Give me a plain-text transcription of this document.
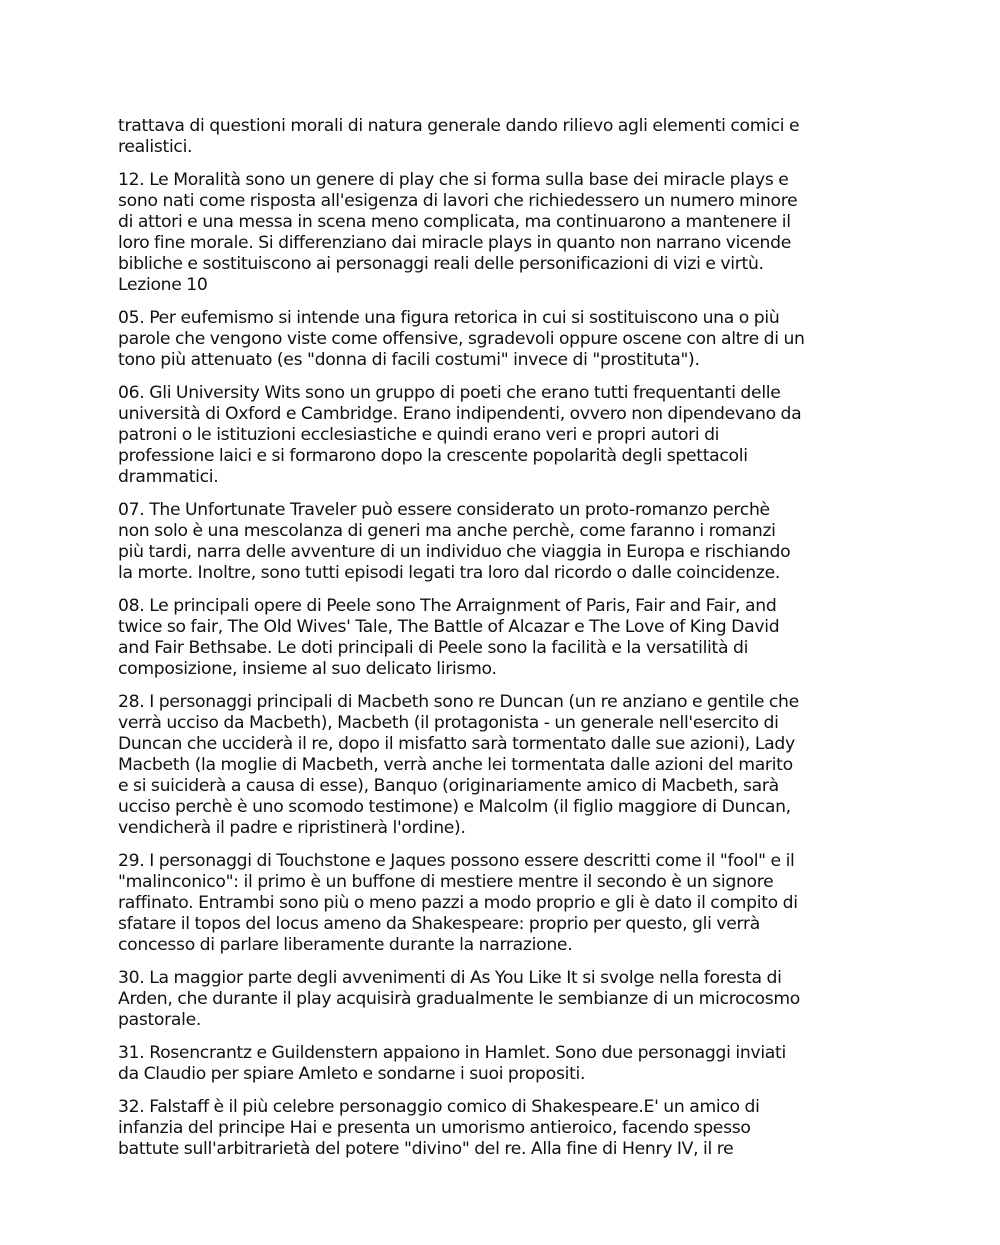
trattava di questioni morali di natura generale dando rilievo agli elementi comici e
realistici.
12. Le Moralità sono un genere di play che si forma sulla base dei miracle plays e
sono nati come risposta all'esigenza di lavori che richiedessero un numero minore
di attori e una messa in scena meno complicata, ma continuarono a mantenere il
loro fine morale. Si differenziano dai miracle plays in quanto non narrano vicende
bibliche e sostituiscono ai personaggi reali delle personificazioni di vizi e virtù.
Lezione 10
05. Per eufemismo si intende una figura retorica in cui si sostituiscono una o più
parole che vengono viste come offensive, sgradevoli oppure oscene con altre di un
tono più attenuato (es "donna di facili costumi" invece di "prostituta").
06. Gli University Wits sono un gruppo di poeti che erano tutti frequentanti delle
università di Oxford e Cambridge. Erano indipendenti, ovvero non dipendevano da
patroni o le istituzioni ecclesiastiche e quindi erano veri e propri autori di
professione laici e si formarono dopo la crescente popolarità degli spettacoli
drammatici.
07. The Unfortunate Traveler può essere considerato un proto-romanzo perchè
non solo è una mescolanza di generi ma anche perchè, come faranno i romanzi
più tardi, narra delle avventure di un individuo che viaggia in Europa e rischiando
la morte. Inoltre, sono tutti episodi legati tra loro dal ricordo o dalle coincidenze.
08. Le principali opere di Peele sono The Arraignment of Paris, Fair and Fair, and
twice so fair, The Old Wives' Tale, The Battle of Alcazar e The Love of King David
and Fair Bethsabe. Le doti principali di Peele sono la facilità e la versatilità di
composizione, insieme al suo delicato lirismo.
28. I personaggi principali di Macbeth sono re Duncan (un re anziano e gentile che
verrà ucciso da Macbeth), Macbeth (il protagonista - un generale nell'esercito di
Duncan che ucciderà il re, dopo il misfatto sarà tormentato dalle sue azioni), Lady
Macbeth (la moglie di Macbeth, verrà anche lei tormentata dalle azioni del marito
e si suiciderà a causa di esse), Banquo (originariamente amico di Macbeth, sarà
ucciso perchè è uno scomodo testimone) e Malcolm (il figlio maggiore di Duncan,
vendicherà il padre e ripristinerà l'ordine).
29. I personaggi di Touchstone e Jaques possono essere descritti come il "fool" e il
"malinconico": il primo è un buffone di mestiere mentre il secondo è un signore
raffinato. Entrambi sono più o meno pazzi a modo proprio e gli è dato il compito di
sfatare il topos del locus ameno da Shakespeare: proprio per questo, gli verrà
concesso di parlare liberamente durante la narrazione.
30. La maggior parte degli avvenimenti di As You Like It si svolge nella foresta di
Arden, che durante il play acquisirà gradualmente le sembianze di un microcosmo
pastorale.
31. Rosencrantz e Guildenstern appaiono in Hamlet. Sono due personaggi inviati
da Claudio per spiare Amleto e sondarne i suoi propositi.
32. Falstaff è il più celebre personaggio comico di Shakespeare.E' un amico di
infanzia del principe Hai e presenta un umorismo antieroico, facendo spesso
battute sull'arbitrarietà del potere "divino" del re. Alla fine di Henry IV, il re
